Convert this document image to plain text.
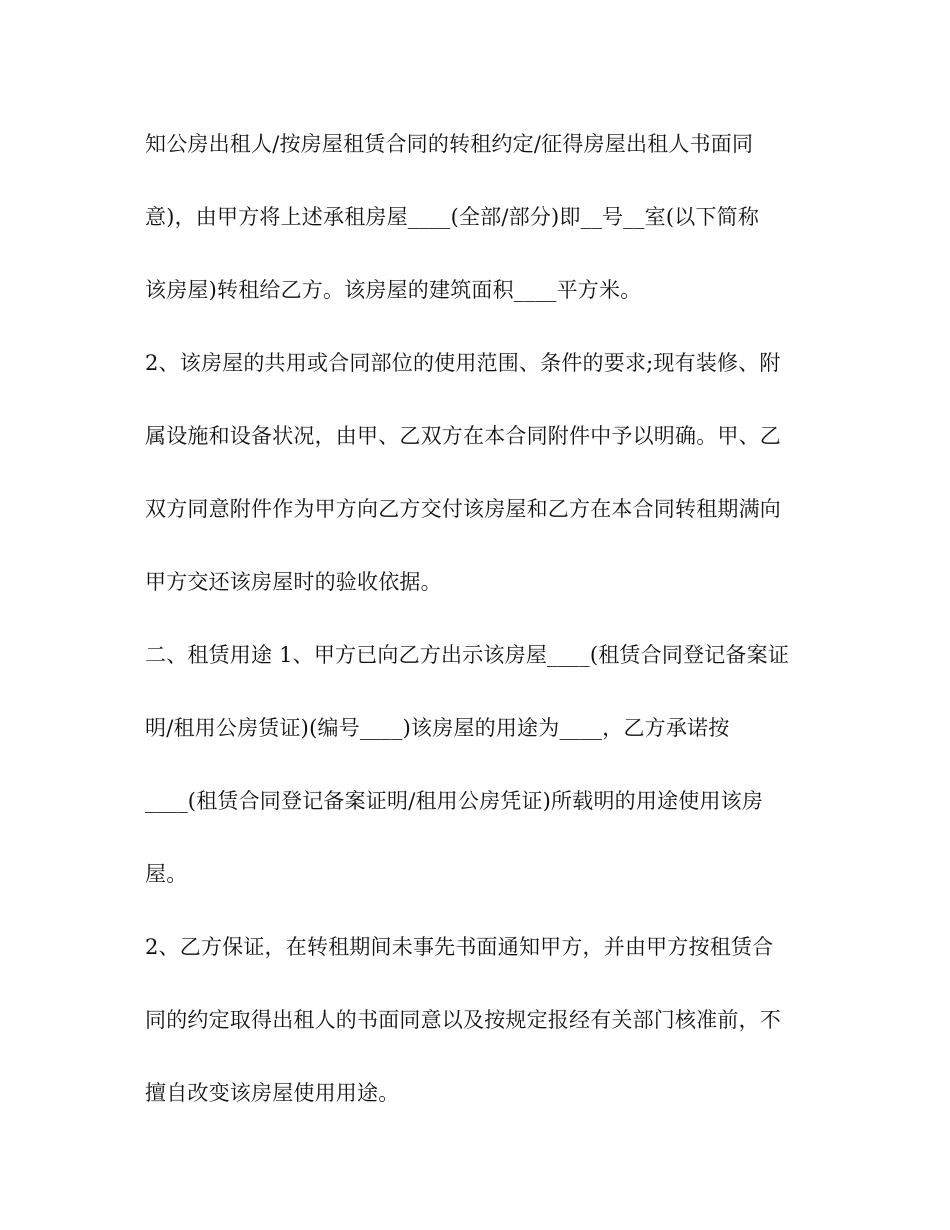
知公房出租人/按房屋租赁合同的转租约定/征得房屋出租人书面同
意)，由甲方将上述承租房屋____(全部/部分)即__号__室(以下简称
该房屋)转租给乙方。该房屋的建筑面积____平方米。
2、该房屋的共用或合同部位的使用范围、条件的要求;现有装修、附
属设施和设备状况，由甲、乙双方在本合同附件中予以明确。甲、乙
双方同意附件作为甲方向乙方交付该房屋和乙方在本合同转租期满向
甲方交还该房屋时的验收依据。
二、租赁用途 1、甲方已向乙方出示该房屋____(租赁合同登记备案证
明/租用公房赁证)(编号____)该房屋的用途为____，乙方承诺按
____(租赁合同登记备案证明/租用公房凭证)所载明的用途使用该房
屋。
2、乙方保证，在转租期间未事先书面通知甲方，并由甲方按租赁合
同的约定取得出租人的书面同意以及按规定报经有关部门核准前，不
擅自改变该房屋使用用途。
